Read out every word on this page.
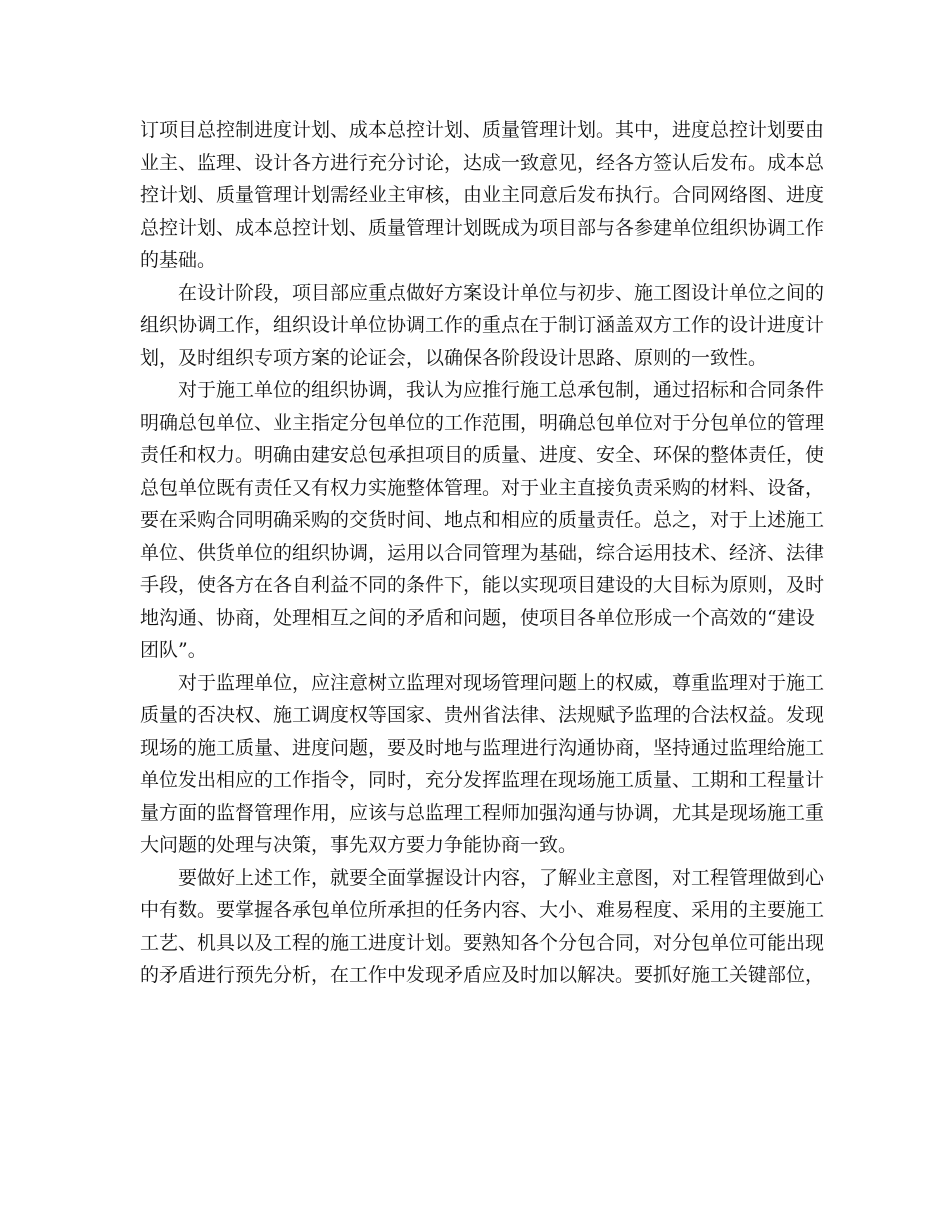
订项目总控制进度计划、成本总控计划、质量管理计划。其中，进度总控计划要由
业主、监理、设计各方进行充分讨论，达成一致意见，经各方签认后发布。成本总
控计划、质量管理计划需经业主审核，由业主同意后发布执行。合同网络图、进度
总控计划、成本总控计划、质量管理计划既成为项目部与各参建单位组织协调工作
的基础。
在设计阶段，项目部应重点做好方案设计单位与初步、施工图设计单位之间的
组织协调工作，组织设计单位协调工作的重点在于制订涵盖双方工作的设计进度计
划，及时组织专项方案的论证会，以确保各阶段设计思路、原则的一致性。
对于施工单位的组织协调，我认为应推行施工总承包制，通过招标和合同条件
明确总包单位、业主指定分包单位的工作范围，明确总包单位对于分包单位的管理
责任和权力。明确由建安总包承担项目的质量、进度、安全、环保的整体责任，使
总包单位既有责任又有权力实施整体管理。对于业主直接负责采购的材料、设备，
要在采购合同明确采购的交货时间、地点和相应的质量责任。总之，对于上述施工
单位、供货单位的组织协调，运用以合同管理为基础，综合运用技术、经济、法律
手段，使各方在各自利益不同的条件下，能以实现项目建设的大目标为原则，及时
地沟通、协商，处理相互之间的矛盾和问题，使项目各单位形成一个高效的“建设
团队”。
对于监理单位，应注意树立监理对现场管理问题上的权威，尊重监理对于施工
质量的否决权、施工调度权等国家、贵州省法律、法规赋予监理的合法权益。发现
现场的施工质量、进度问题，要及时地与监理进行沟通协商，坚持通过监理给施工
单位发出相应的工作指令，同时，充分发挥监理在现场施工质量、工期和工程量计
量方面的监督管理作用，应该与总监理工程师加强沟通与协调，尤其是现场施工重
大问题的处理与决策，事先双方要力争能协商一致。
要做好上述工作，就要全面掌握设计内容，了解业主意图，对工程管理做到心
中有数。要掌握各承包单位所承担的任务内容、大小、难易程度、采用的主要施工
工艺、机具以及工程的施工进度计划。要熟知各个分包合同，对分包单位可能出现
的矛盾进行预先分析，在工作中发现矛盾应及时加以解决。要抓好施工关键部位，
